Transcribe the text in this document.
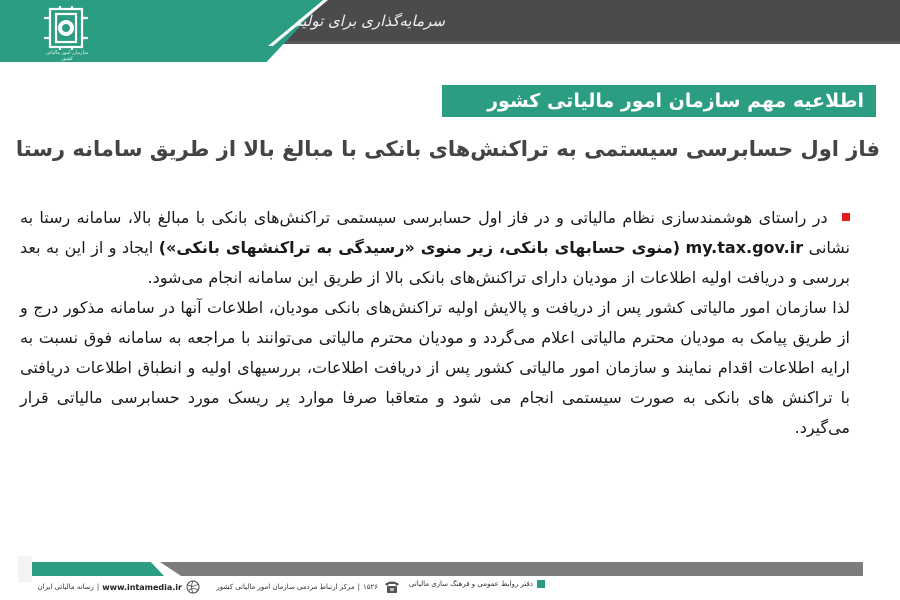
سازمان امور مالیاتی کشور
سرمایه‌گذاری برای تولید
اطلاعیه مهم سازمان امور مالیاتی کشور
فاز اول حسابرسی سیستمی به تراکنش‌های بانکی با مبالغ بالا از طریق سامانه رستا
در راستای هوشمندسازی نظام مالیاتی و در فاز اول حسابرسی سیستمی تراکنش‌های بانکی با مبالغ بالا، سامانه رستا به نشانی my.tax.gov.ir (منوی حسابهای بانکی، زیر منوی «رسیدگی به تراکنشهای بانکی») ایجاد و از این به بعد بررسی و دریافت اولیه اطلاعات از مودیان دارای تراکنش‌های بانکی بالا از طریق این سامانه انجام می‌شود.
لذا سازمان امور مالیاتی کشور پس از دریافت و پالایش اولیه تراکنش‌های بانکی مودیان، اطلاعات آنها در سامانه مذکور درج و از طریق پیامک به مودیان محترم مالیاتی اعلام می‌گردد و مودیان محترم مالیاتی می‌توانند با مراجعه به سامانه فوق نسبت به ارایه اطلاعات اقدام نمایند و سازمان امور مالیاتی کشور پس از دریافت اطلاعات، بررسیهای اولیه و انطباق اطلاعات دریافتی با تراکنش های بانکی به صورت سیستمی انجام می شود و متعاقبا صرفا موارد پر ریسک مورد حسابرسی مالیاتی قرار می‌گیرد.
دفتر روابط عمومی و فرهنگ سازی مالیاتی
۱۵۲۶
|
مرکز ارتباط مردمی سازمان امور مالیاتی کشور
www.intamedia.ir
|
رسانه مالیاتی ایران
